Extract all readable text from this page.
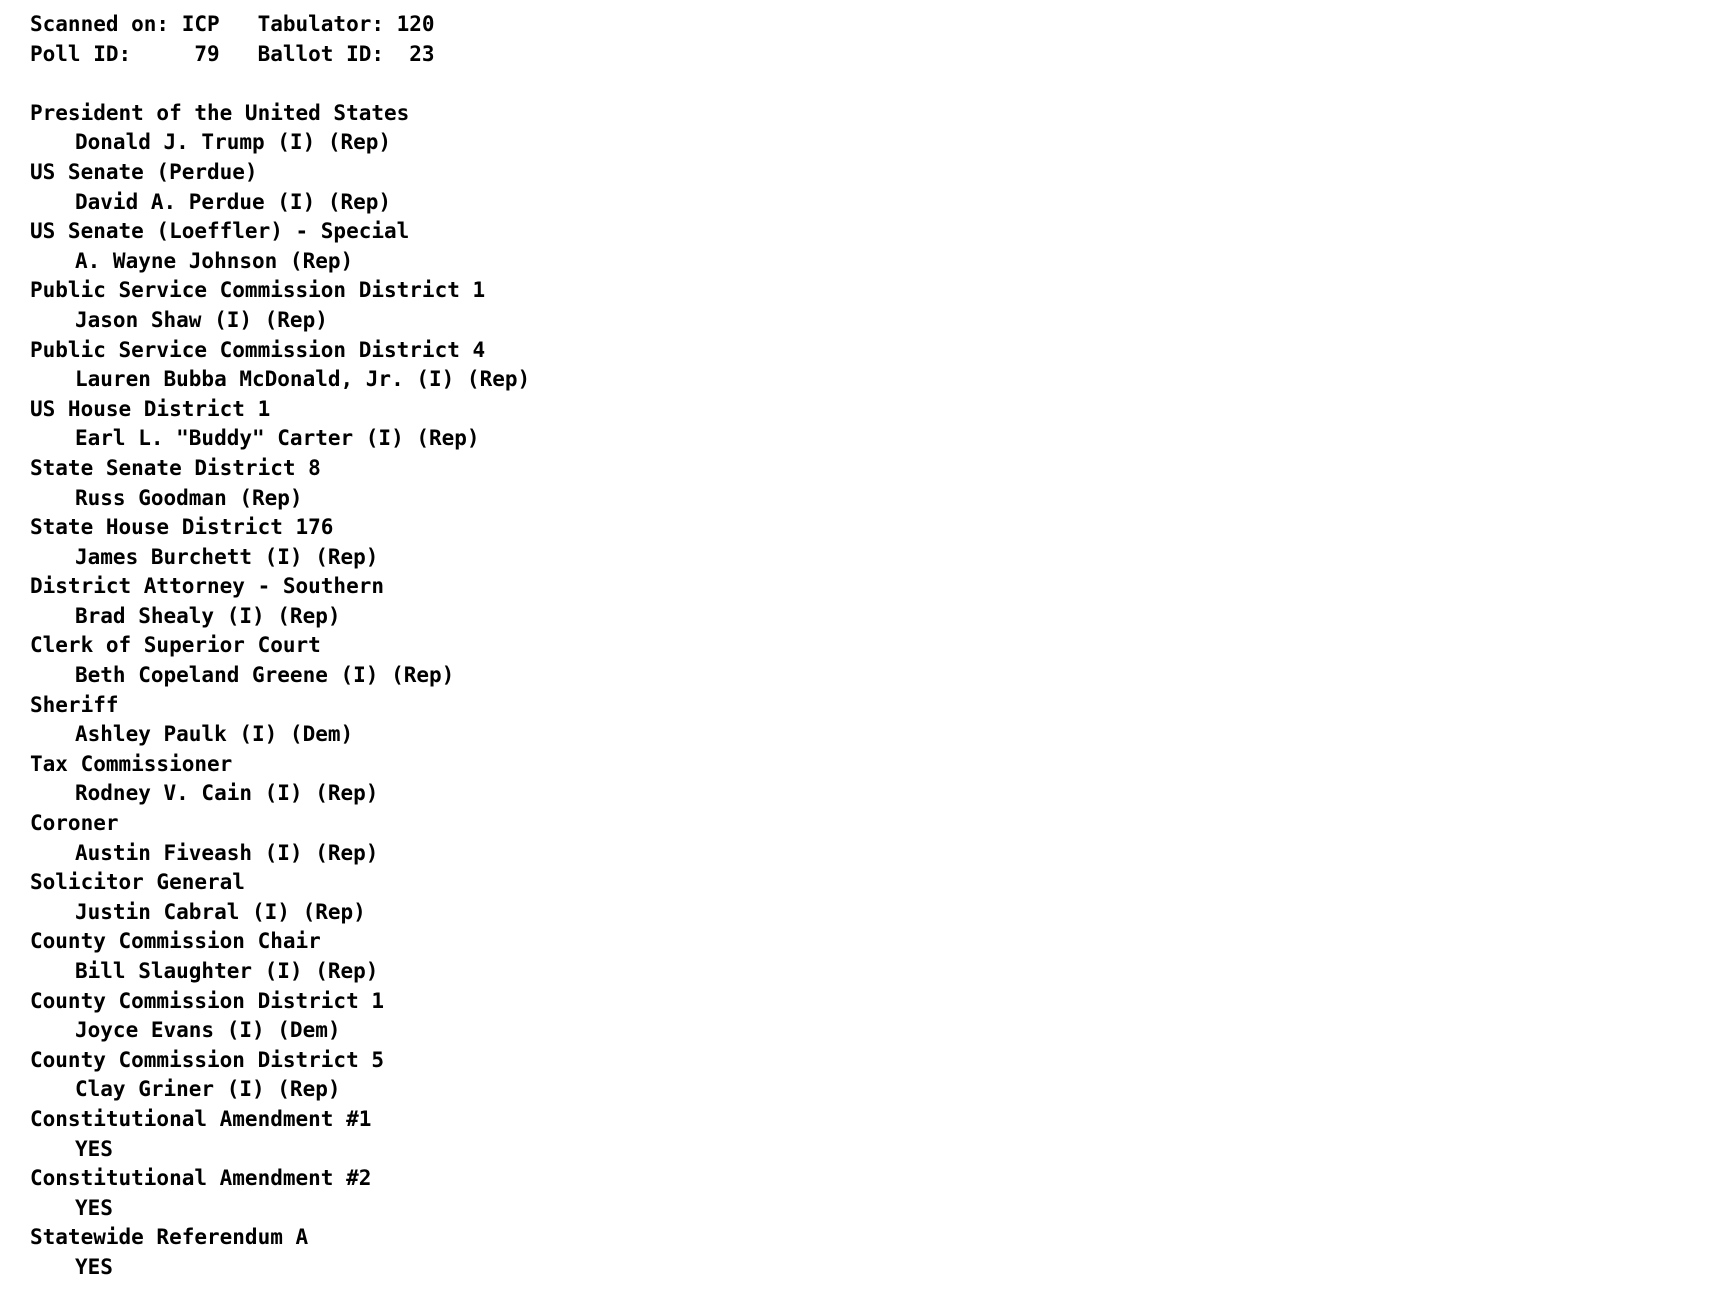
Scanned on: ICP   Tabulator: 120
Poll ID:     79   Ballot ID:  23
President of the United States
Donald J. Trump (I) (Rep)
US Senate (Perdue)
David A. Perdue (I) (Rep)
US Senate (Loeffler) - Special
A. Wayne Johnson (Rep)
Public Service Commission District 1
Jason Shaw (I) (Rep)
Public Service Commission District 4
Lauren Bubba McDonald, Jr. (I) (Rep)
US House District 1
Earl L. "Buddy" Carter (I) (Rep)
State Senate District 8
Russ Goodman (Rep)
State House District 176
James Burchett (I) (Rep)
District Attorney - Southern
Brad Shealy (I) (Rep)
Clerk of Superior Court
Beth Copeland Greene (I) (Rep)
Sheriff
Ashley Paulk (I) (Dem)
Tax Commissioner
Rodney V. Cain (I) (Rep)
Coroner
Austin Fiveash (I) (Rep)
Solicitor General
Justin Cabral (I) (Rep)
County Commission Chair
Bill Slaughter (I) (Rep)
County Commission District 1
Joyce Evans (I) (Dem)
County Commission District 5
Clay Griner (I) (Rep)
Constitutional Amendment #1
YES
Constitutional Amendment #2
YES
Statewide Referendum A
YES
